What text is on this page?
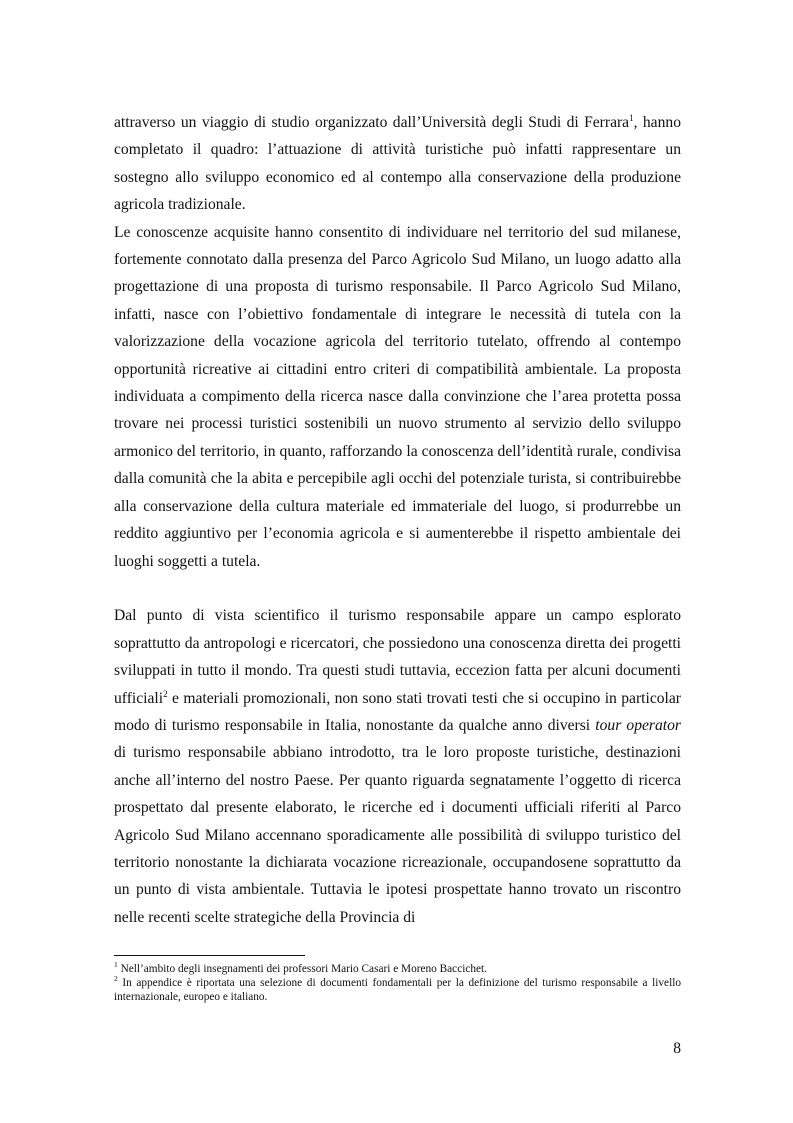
attraverso un viaggio di studio organizzato dall’Università degli Studi di Ferrara$^1$, hanno completato il quadro: l’attuazione di attività turistiche può infatti rappresentare un sostegno allo sviluppo economico ed al contempo alla conservazione della produzione agricola tradizionale.

Le conoscenze acquisite hanno consentito di individuare nel territorio del sud milanese, fortemente connotato dalla presenza del Parco Agricolo Sud Milano, un luogo adatto alla progettazione di una proposta di turismo responsabile. Il Parco Agricolo Sud Milano, infatti, nasce con l’obiettivo fondamentale di integrare le necessità di tutela con la valorizzazione della vocazione agricola del territorio tutelato, offrendo al contempo opportunità ricreative ai cittadini entro criteri di compatibilità ambientale. La proposta individuata a compimento della ricerca nasce dalla convinzione che l’area protetta possa trovare nei processi turistici sostenibili un nuovo strumento al servizio dello sviluppo armonico del territorio, in quanto, rafforzando la conoscenza dell’identità rurale, condivisa dalla comunità che la abita e percepibile agli occhi del potenziale turista, si contribuirebbe alla conservazione della cultura materiale ed immateriale del luogo, si produrrebbe un reddito aggiuntivo per l’economia agricola e si aumenterebbe il rispetto ambientale dei luoghi soggetti a tutela.

Dal punto di vista scientifico il turismo responsabile appare un campo esplorato soprattutto da antropologi e ricercatori, che possiedono una conoscenza diretta dei progetti sviluppati in tutto il mondo. Tra questi studi tuttavia, eccezion fatta per alcuni documenti ufficiali$^2$ e materiali promozionali, non sono stati trovati testi che si occupino in particolar modo di turismo responsabile in Italia, nonostante da qualche anno diversi tour operator di turismo responsabile abbiano introdotto, tra le loro proposte turistiche, destinazioni anche all’interno del nostro Paese. Per quanto riguarda segnatamente l’oggetto di ricerca prospettato dal presente elaborato, le ricerche ed i documenti ufficiali riferiti al Parco Agricolo Sud Milano accennano sporadicamente alle possibilità di sviluppo turistico del territorio nonostante la dichiarata vocazione ricreazionale, occupandosene soprattutto da un punto di vista ambientale. Tuttavia le ipotesi prospettate hanno trovato un riscontro nelle recenti scelte strategiche della Provincia di

$^1$ Nell’ambito degli insegnamenti dei professori Mario Casari e Moreno Baccichet.

$^2$ In appendice è riportata una selezione di documenti fondamentali per la definizione del turismo responsabile a livello internazionale, europeo e italiano.

8
